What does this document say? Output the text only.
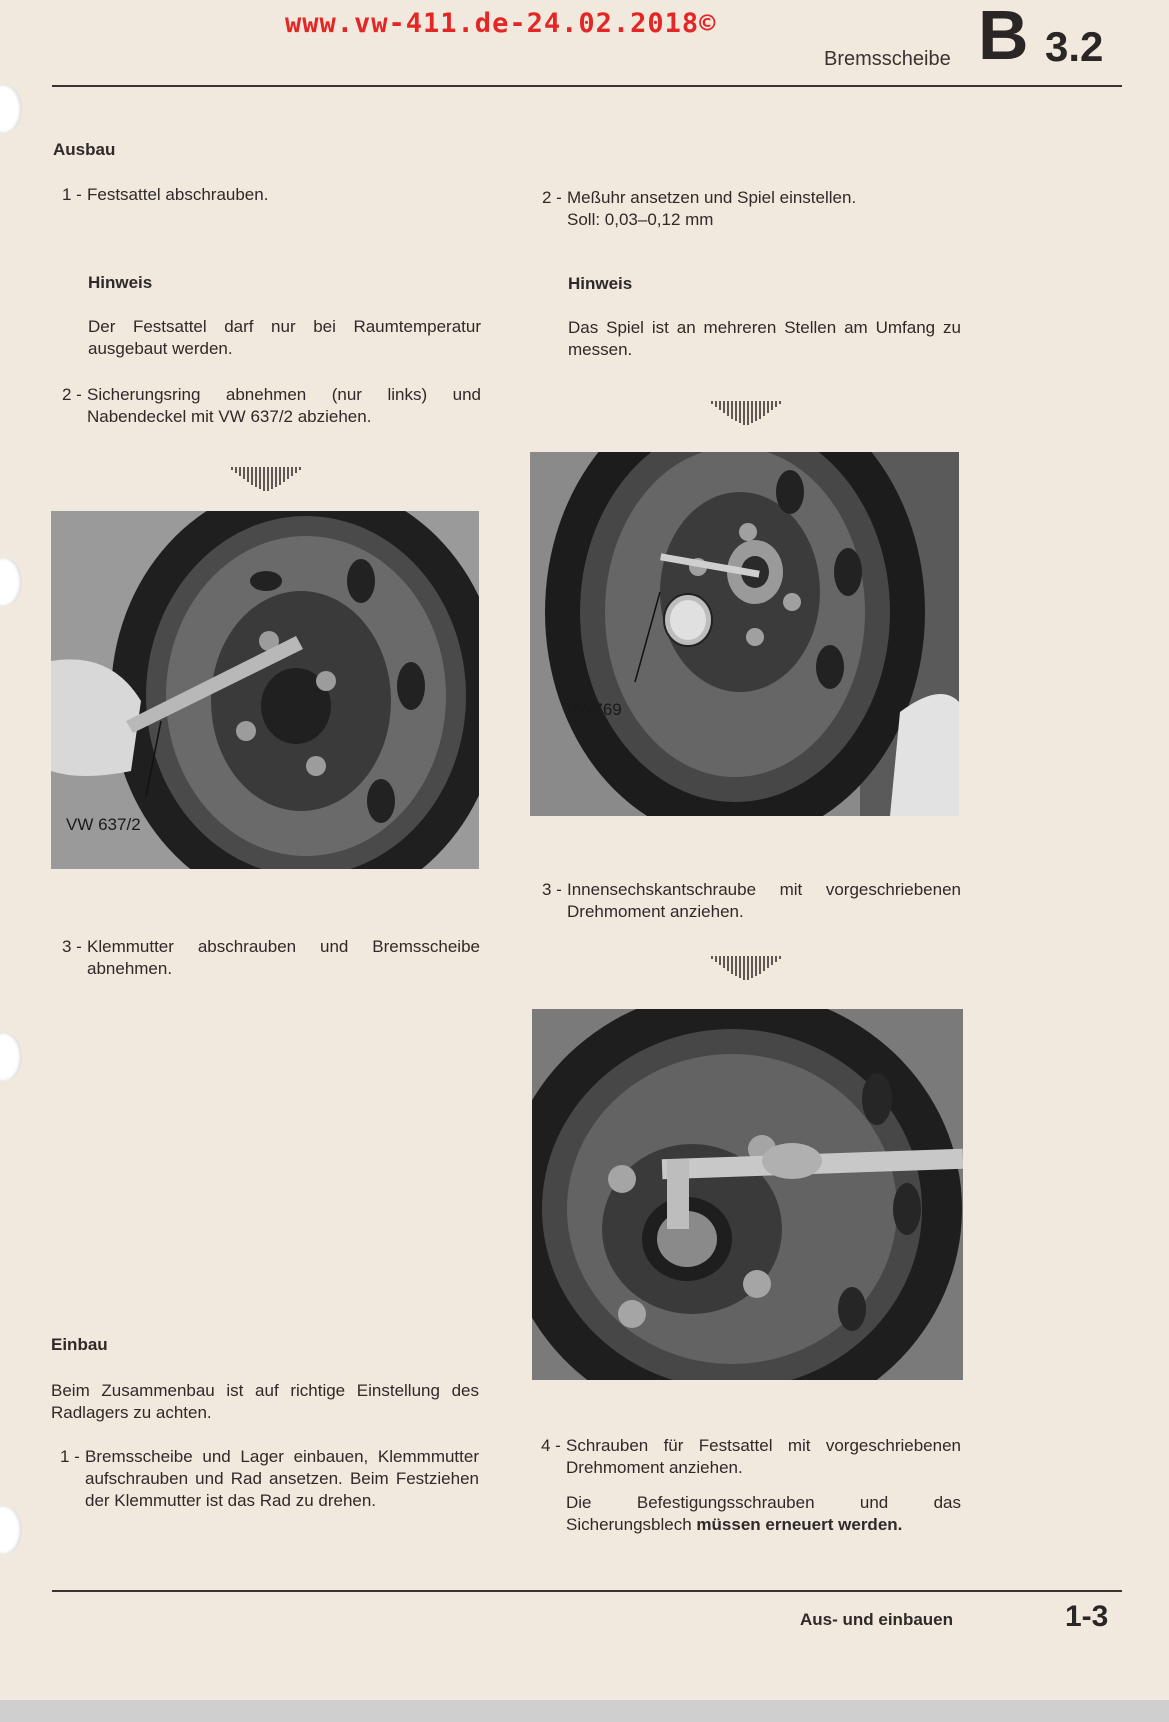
www.vw-411.de-24.02.2018©
Bremsscheibe B 3.2
Ausbau
1 - Festsattel abschrauben.
Hinweis
Der Festsattel darf nur bei Raumtemperatur ausgebaut werden.
2 - Sicherungsring abnehmen (nur links) und Nabendeckel mit VW 637/2 abziehen.
VW 637/2
3 - Klemmutter abschrauben und Bremsscheibe abnehmen.
Einbau
Beim Zusammenbau ist auf richtige Einstellung des Radlagers zu achten.
1 - Bremsscheibe und Lager einbauen, Klemmmutter aufschrauben und Rad ansetzen. Beim Festziehen der Klemmutter ist das Rad zu drehen.
2 - Meßuhr ansetzen und Spiel einstellen.
Soll: 0,03–0,12 mm
Hinweis
Das Spiel ist an mehreren Stellen am Umfang zu messen.
VW769
3 - Innensechskantschraube mit vorgeschriebenen Drehmoment anziehen.
4 - Schrauben für Festsattel mit vorgeschriebenen Drehmoment anziehen.
Die Befestigungsschrauben und das Sicherungsblech müssen erneuert werden.
Aus- und einbauen	1-3
